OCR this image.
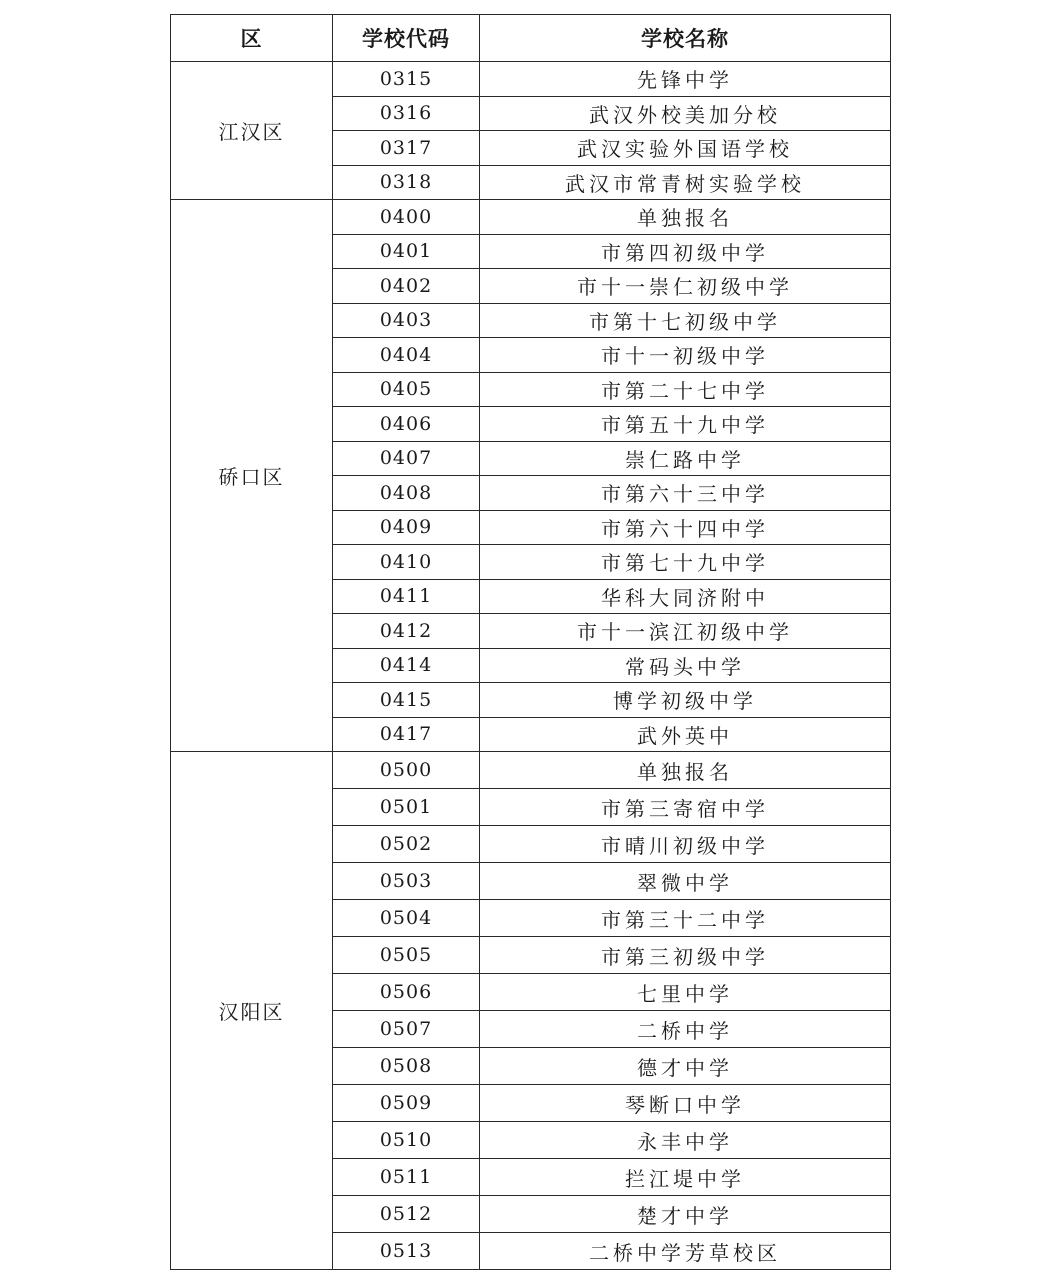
区	学校代码	学校名称
江汉区	0315	先锋中学
	0316	武汉外校美加分校
	0317	武汉实验外国语学校
	0318	武汉市常青树实验学校
硚口区	0400	单独报名
	0401	市第四初级中学
	0402	市十一崇仁初级中学
	0403	市第十七初级中学
	0404	市十一初级中学
	0405	市第二十七中学
	0406	市第五十九中学
	0407	崇仁路中学
	0408	市第六十三中学
	0409	市第六十四中学
	0410	市第七十九中学
	0411	华科大同济附中
	0412	市十一滨江初级中学
	0414	常码头中学
	0415	博学初级中学
	0417	武外英中
汉阳区	0500	单独报名
	0501	市第三寄宿中学
	0502	市晴川初级中学
	0503	翠微中学
	0504	市第三十二中学
	0505	市第三初级中学
	0506	七里中学
	0507	二桥中学
	0508	德才中学
	0509	琴断口中学
	0510	永丰中学
	0511	拦江堤中学
	0512	楚才中学
	0513	二桥中学芳草校区
